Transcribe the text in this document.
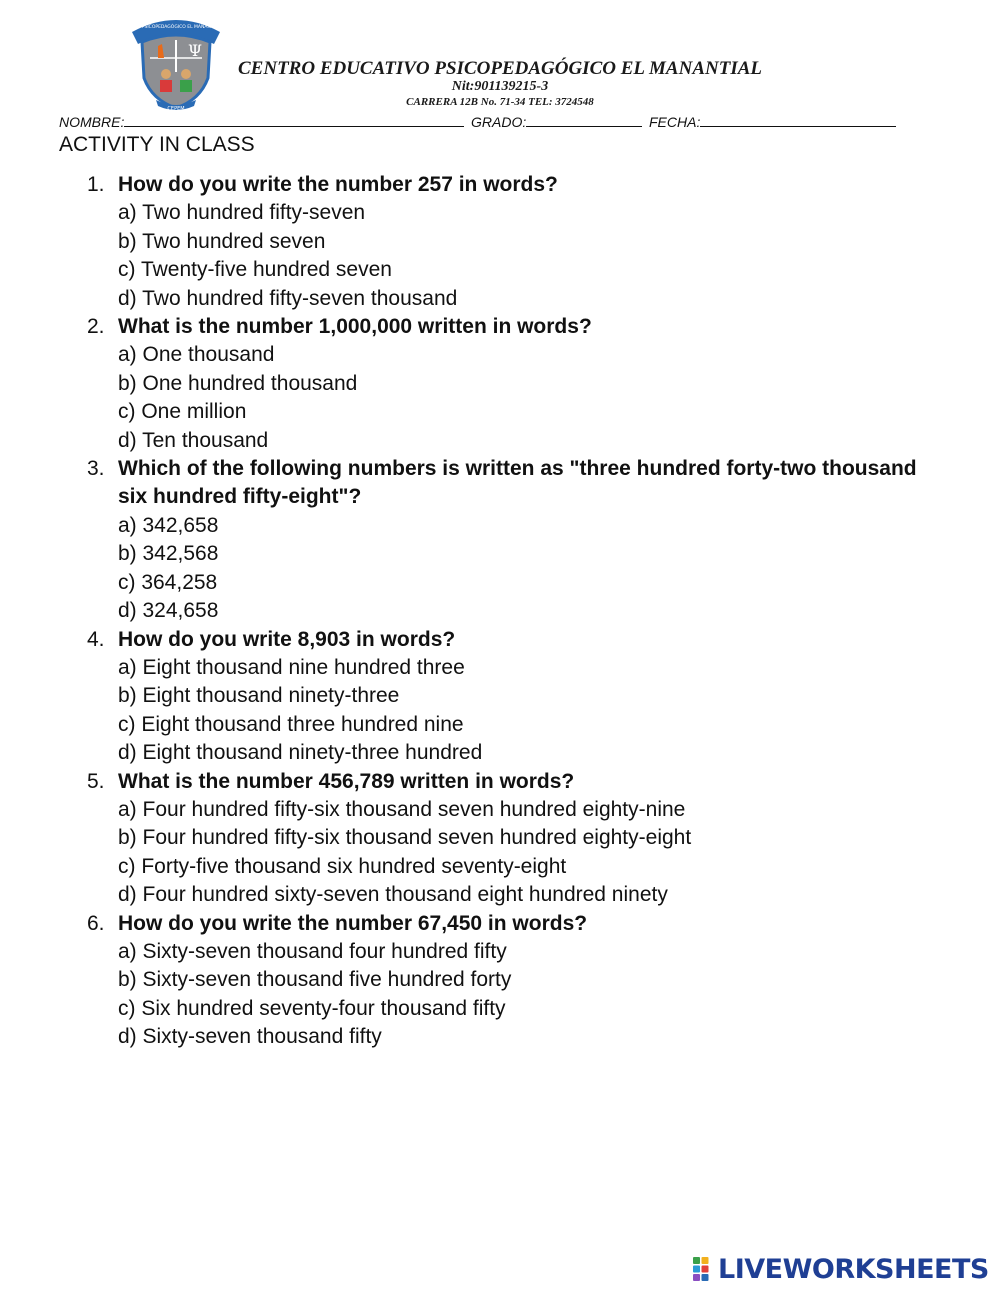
Ψ
C.E. PSICOPEDAGÓGICO EL MANANTIAL
CEPEM
CENTRO EDUCATIVO PSICOPEDAGÓGICO EL MANANTIAL
Nit:901139215-3
CARRERA 12B No. 71-34 TEL: 3724548
NOMBRE:	GRADO:	FECHA:
ACTIVITY IN CLASS
1. How do you write the number 257 in words?
a) Two hundred fifty-seven
b) Two hundred seven
c) Twenty-five hundred seven
d) Two hundred fifty-seven thousand
2. What is the number 1,000,000 written in words?
a) One thousand
b) One hundred thousand
c) One million
d) Ten thousand
3. Which of the following numbers is written as "three hundred forty-two thousand six hundred fifty-eight"?
a) 342,658
b) 342,568
c) 364,258
d) 324,658
4. How do you write 8,903 in words?
a) Eight thousand nine hundred three
b) Eight thousand ninety-three
c) Eight thousand three hundred nine
d) Eight thousand ninety-three hundred
5. What is the number 456,789 written in words?
a) Four hundred fifty-six thousand seven hundred eighty-nine
b) Four hundred fifty-six thousand seven hundred eighty-eight
c) Forty-five thousand six hundred seventy-eight
d) Four hundred sixty-seven thousand eight hundred ninety
6. How do you write the number 67,450 in words?
a) Sixty-seven thousand four hundred fifty
b) Sixty-seven thousand five hundred forty
c) Six hundred seventy-four thousand fifty
d) Sixty-seven thousand fifty
LIVEWORKSHEETS
